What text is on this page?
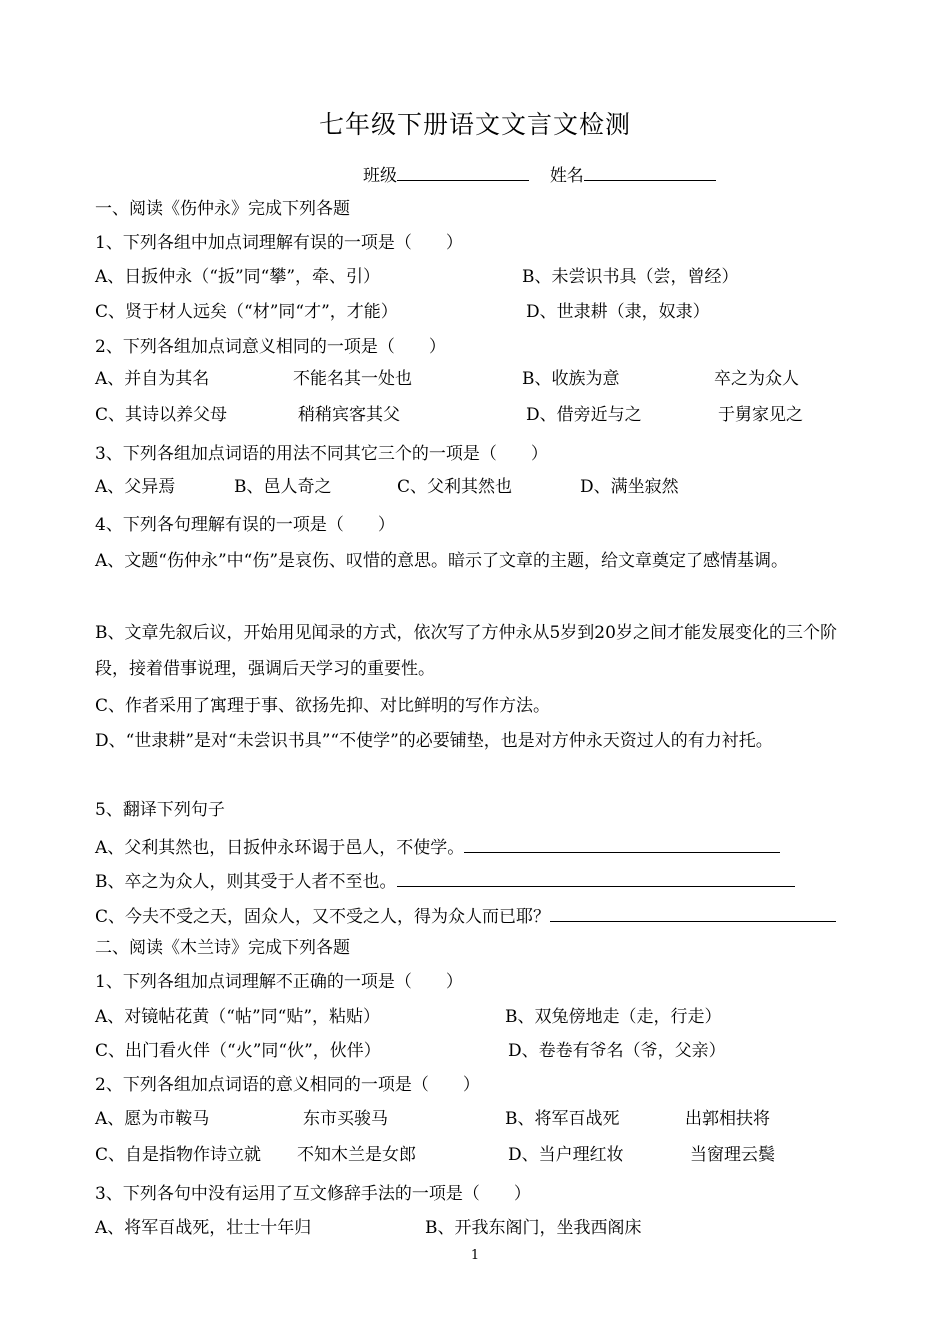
七年级下册语文文言文检测
班级	姓名
一、阅读《伤仲永》完成下列各题
1、下列各组中加点词理解有误的一项是（　　）
A、日扳仲永（“扳”同“攀”，牵、引）	B、未尝识书具（尝，曾经）
C、贤于材人远矣（“材”同“才”，才能）	D、世隶耕（隶，奴隶）
2、下列各组加点词意义相同的一项是（　　）
A、并自为其名	不能名其一处也	B、收族为意	卒之为众人
C、其诗以养父母	稍稍宾客其父	D、借旁近与之	于舅家见之
3、下列各组加点词语的用法不同其它三个的一项是（　　）
A、父异焉	B、邑人奇之	C、父利其然也	D、满坐寂然
4、下列各句理解有误的一项是（　　）
A、文题“伤仲永”中“伤”是哀伤、叹惜的意思。暗示了文章的主题，给文章奠定了感情基调。
B、文章先叙后议，开始用见闻录的方式，依次写了方仲永从5岁到20岁之间才能发展变化的三个阶段，接着借事说理，强调后天学习的重要性。
C、作者采用了寓理于事、欲扬先抑、对比鲜明的写作方法。
D、“世隶耕”是对“未尝识书具”“不使学”的必要铺垫，也是对方仲永天资过人的有力衬托。
5、翻译下列句子
A、父利其然也，日扳仲永环谒于邑人，不使学。
B、卒之为众人，则其受于人者不至也。
C、今夫不受之天，固众人，又不受之人，得为众人而已耶？
二、阅读《木兰诗》完成下列各题
1、下列各组加点词理解不正确的一项是（　　）
A、对镜帖花黄（“帖”同“贴”，粘贴）	B、双兔傍地走（走，行走）
C、出门看火伴（“火”同“伙”，伙伴）	D、卷卷有爷名（爷，父亲）
2、下列各组加点词语的意义相同的一项是（　　）
A、愿为市鞍马	东市买骏马	B、将军百战死	出郭相扶将
C、自是指物作诗立就 不知木兰是女郎	D、当户理红妆	当窗理云鬓
3、下列各句中没有运用了互文修辞手法的一项是（　　）
A、将军百战死，壮士十年归	B、开我东阁门，坐我西阁床
1
